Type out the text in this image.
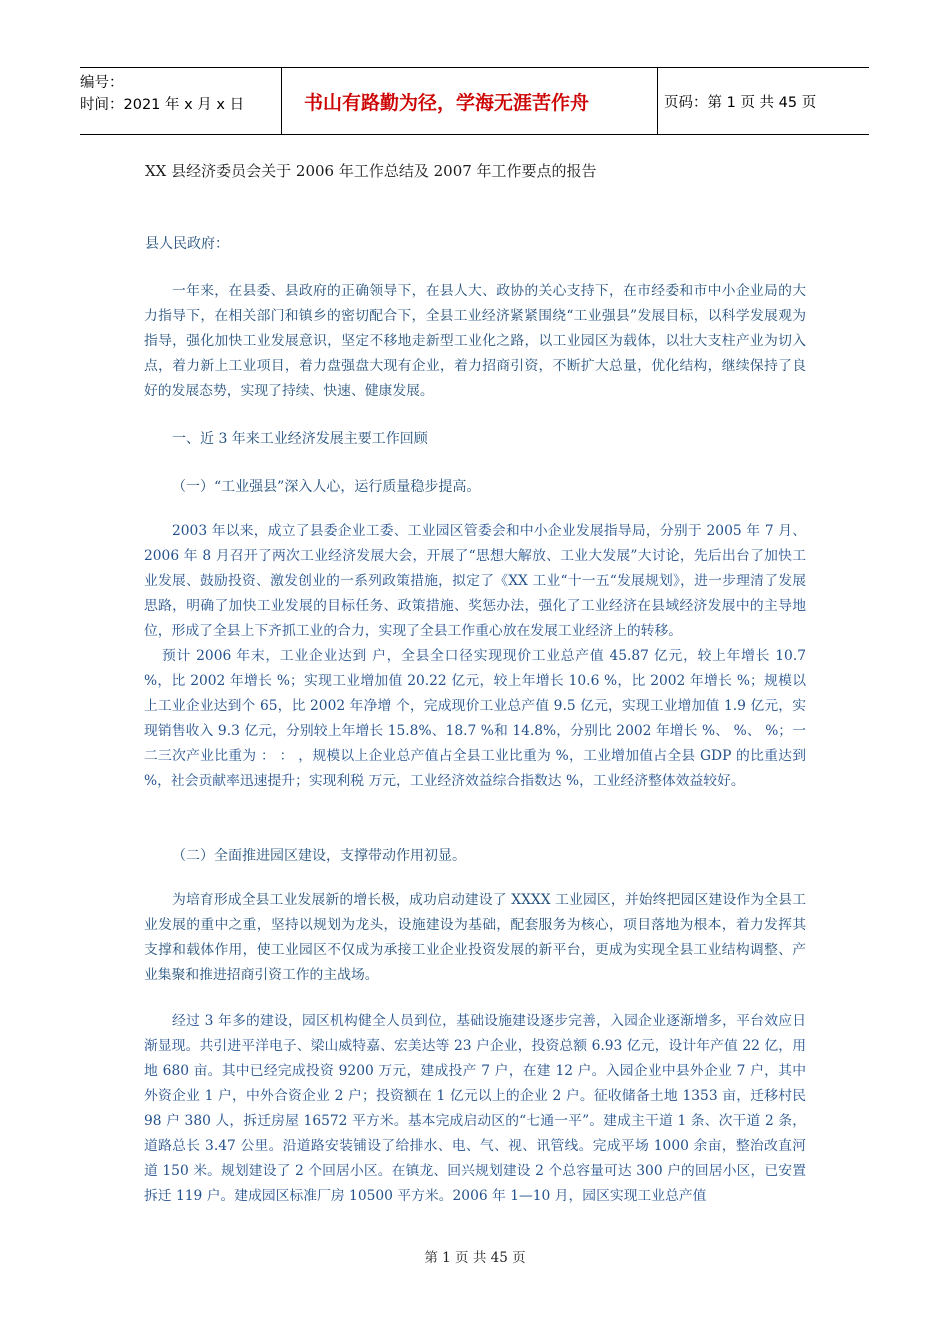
编号：
时间：2021 年 x 月 x 日	书山有路勤为径，学海无涯苦作舟	页码：第 1 页 共 45 页
XX 县经济委员会关于 2006 年工作总结及 2007 年工作要点的报告
县人民政府：

一年来，在县委、县政府的正确领导下，在县人大、政协的关心支持下，在市经委和市中小企业局的大力指导下，在相关部门和镇乡的密切配合下，全县工业经济紧紧围绕“工业强县”发展目标，以科学发展观为指导，强化加快工业发展意识，坚定不移地走新型工业化之路，以工业园区为载体，以壮大支柱产业为切入点，着力新上工业项目，着力盘强盘大现有企业，着力招商引资，不断扩大总量，优化结构，继续保持了良好的发展态势，实现了持续、快速、健康发展。

一、近 3 年来工业经济发展主要工作回顾
（一）“工业强县”深入人心，运行质量稳步提高。

2003 年以来，成立了县委企业工委、工业园区管委会和中小企业发展指导局，分别于 2005 年 7 月、2006 年 8 月召开了两次工业经济发展大会，开展了“思想大解放、工业大发展”大讨论，先后出台了加快工业发展、鼓励投资、激发创业的一系列政策措施，拟定了《XX 工业“十一五“发展规划》，进一步理清了发展思路，明确了加快工业发展的目标任务、政策措施、奖惩办法，强化了工业经济在县域经济发展中的主导地位，形成了全县上下齐抓工业的合力，实现了全县工作重心放在发展工业经济上的转移。

预计 2006 年末，工业企业达到 户，全县全口径实现现价工业总产值 45.87 亿元，较上年增长 10.7 %，比 2002 年增长 %；实现工业增加值 20.22 亿元，较上年增长 10.6 %，比 2002 年增长 %；规模以上工业企业达到个 65，比 2002 年净增 个，完成现价工业总产值 9.5 亿元，实现工业增加值 1.9 亿元，实现销售收入 9.3 亿元，分别较上年增长 15.8%、18.7 %和 14.8%，分别比 2002 年增长 %、 %、 %；一二三次产业比重为 ： ： ，规模以上企业总产值占全县工业比重为 %，工业增加值占全县 GDP 的比重达到 %，社会贡献率迅速提升；实现利税 万元，工业经济效益综合指数达 %，工业经济整体效益较好。

（二）全面推进园区建设，支撑带动作用初显。

为培育形成全县工业发展新的增长极，成功启动建设了 XXXX 工业园区，并始终把园区建设作为全县工业发展的重中之重，坚持以规划为龙头，设施建设为基础，配套服务为核心，项目落地为根本，着力发挥其支撑和载体作用，使工业园区不仅成为承接工业企业投资发展的新平台，更成为实现全县工业结构调整、产业集聚和推进招商引资工作的主战场。

经过 3 年多的建设，园区机构健全人员到位，基础设施建设逐步完善，入园企业逐渐增多，平台效应日渐显现。共引进平洋电子、梁山威特嘉、宏美达等 23 户企业，投资总额 6.93 亿元，设计年产值 22 亿，用地 680 亩。其中已经完成投资 9200 万元，建成投产 7 户，在建 12 户。入园企业中县外企业 7 户，其中外资企业 1 户，中外合资企业 2 户；投资额在 1 亿元以上的企业 2 户。征收储备土地 1353 亩，迁移村民 98 户 380 人，拆迁房屋 16572 平方米。基本完成启动区的“七通一平”。建成主干道 1 条、次干道 2 条，道路总长 3.47 公里。沿道路安装铺设了给排水、电、气、视、讯管线。完成平场 1000 余亩，整治改直河道 150 米。规划建设了 2 个回居小区。在镇龙、回兴规划建设 2 个总容量可达 300 户的回居小区，已安置拆迁 119 户。建成园区标准厂房 10500 平方米。2006 年 1—10 月，园区实现工业总产值

第 1 页 共 45 页
